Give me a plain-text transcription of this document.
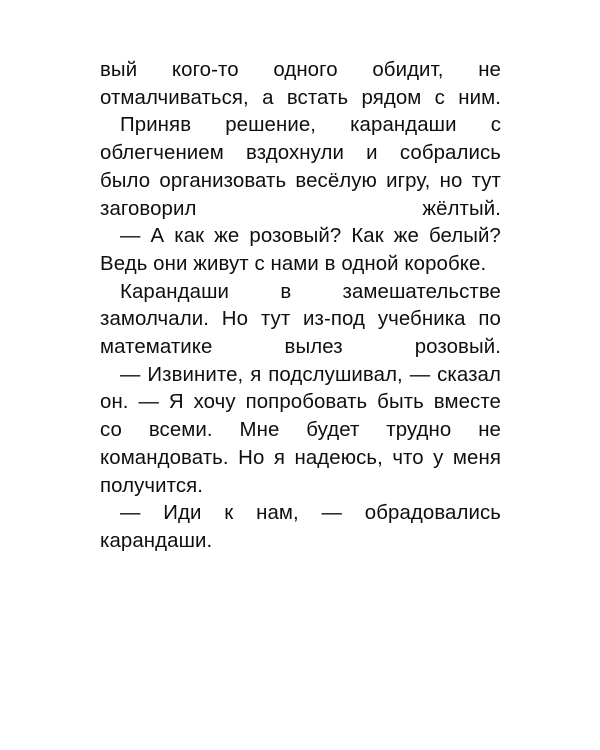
вый кого-то одного обидит, не отмалчиваться, а встать рядом с ним.

Приняв решение, карандаши с облегчением вздохнули и собрались было организовать весёлую игру, но тут заговорил жёлтый.

— А как же розовый? Как же белый? Ведь они живут с нами в одной коробке.

Карандаши в замешательстве замолчали. Но тут из-под учебника по математике вылез розовый.

— Извините, я подслушивал, — сказал он. — Я хочу попробовать быть вместе со всеми. Мне будет трудно не командовать. Но я надеюсь, что у меня получится.

— Иди к нам, — обрадовались карандаши.
